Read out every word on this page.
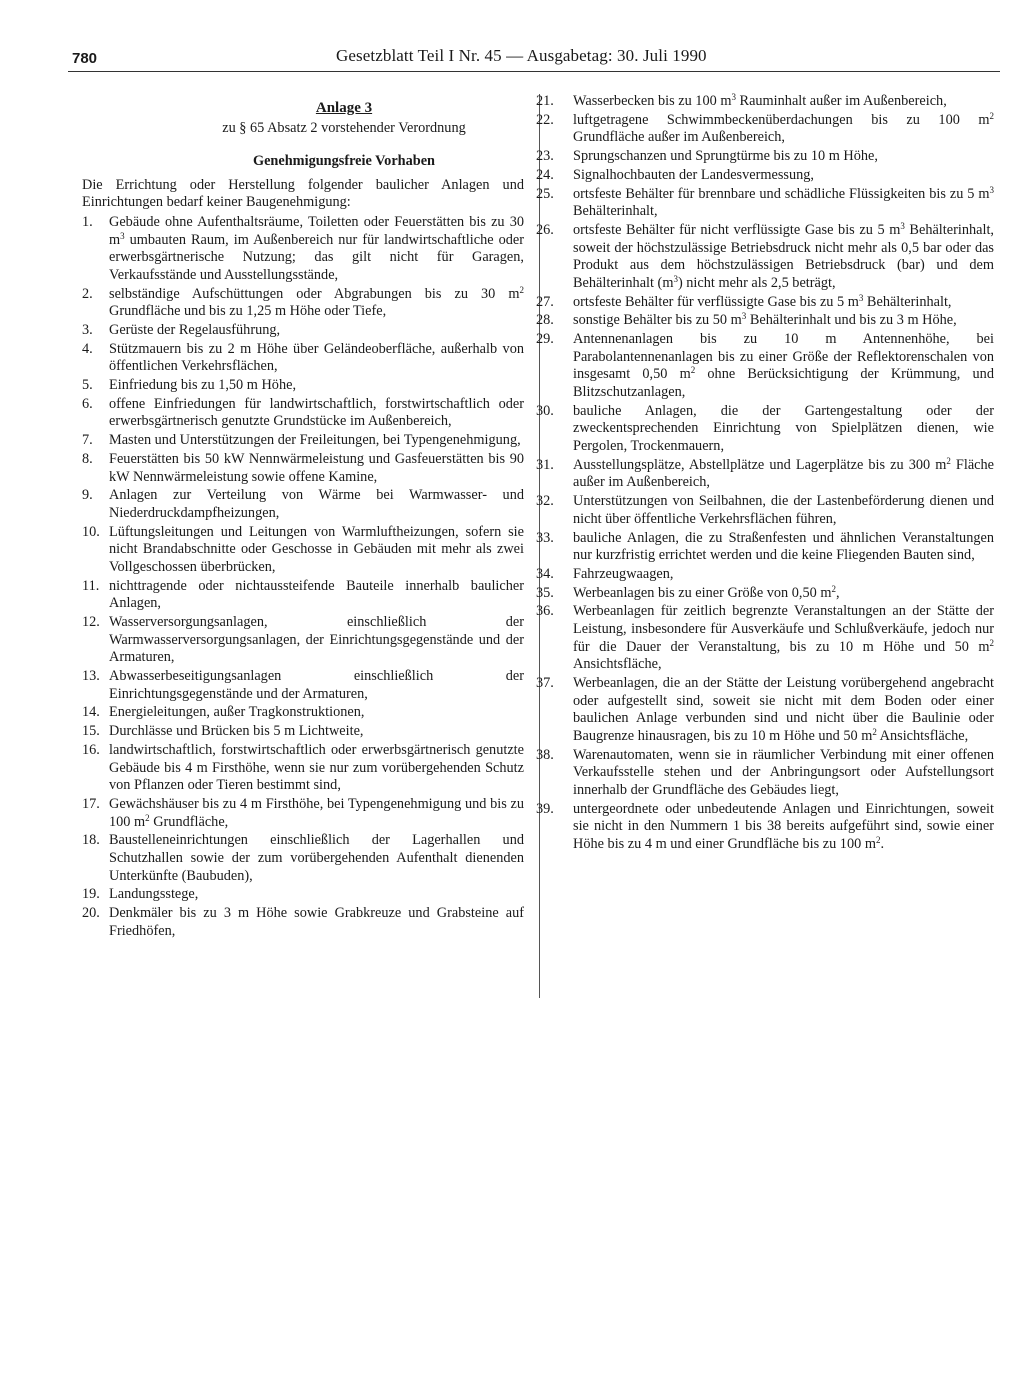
780	Gesetzblatt Teil I Nr. 45 — Ausgabetag: 30. Juli 1990

Anlage 3

zu § 65 Absatz 2 vorstehender Verordnung

Genehmigungsfreie Vorhaben

Die Errichtung oder Herstellung folgender baulicher Anlagen und Einrichtungen bedarf keiner Baugenehmigung:

1.	Gebäude ohne Aufenthaltsräume, Toiletten oder Feuerstätten bis zu 30 $m^3$ umbauten Raum, im Außenbereich nur für landwirtschaftliche oder erwerbsgärtnerische Nutzung; das gilt nicht für Garagen, Verkaufsstände und Ausstellungsstände,
2.	selbständige Aufschüttungen oder Abgrabungen bis zu 30 $m^2$ Grundfläche und bis zu 1,25 m Höhe oder Tiefe,
3.	Gerüste der Regelausführung,
4.	Stützmauern bis zu 2 m Höhe über Geländeoberfläche, außerhalb von öffentlichen Verkehrsflächen,
5.	Einfriedung bis zu 1,50 m Höhe,
6.	offene Einfriedungen für landwirtschaftlich, forstwirtschaftlich oder erwerbsgärtnerisch genutzte Grundstücke im Außenbereich,
7.	Masten und Unterstützungen der Freileitungen, bei Typengenehmigung,
8.	Feuerstätten bis 50 kW Nennwärmeleistung und Gasfeuerstätten bis 90 kW Nennwärmeleistung sowie offene Kamine,
9.	Anlagen zur Verteilung von Wärme bei Warmwasser- und Niederdruckdampfheizungen,
10. Lüftungsleitungen und Leitungen von Warmluftheizungen, sofern sie nicht Brandabschnitte oder Geschosse in Gebäuden mit mehr als zwei Vollgeschossen überbrücken,
11. nichttragende oder nichtaussteifende Bauteile innerhalb baulicher Anlagen,
12. Wasserversorgungsanlagen, einschließlich der Warmwasserversorgungsanlagen, der Einrichtungsgegenstände und der Armaturen,
13. Abwasserbeseitigungsanlagen einschließlich der Einrichtungsgegenstände und der Armaturen,
14. Energieleitungen, außer Tragkonstruktionen,
15. Durchlässe und Brücken bis 5 m Lichtweite,
16. landwirtschaftlich, forstwirtschaftlich oder erwerbsgärtnerisch genutzte Gebäude bis 4 m Firsthöhe, wenn sie nur zum vorübergehenden Schutz von Pflanzen oder Tieren bestimmt sind,
17. Gewächshäuser bis zu 4 m Firsthöhe, bei Typengenehmigung und bis zu 100 $m^2$ Grundfläche,
18. Baustelleneinrichtungen einschließlich der Lagerhallen und Schutzhallen sowie der zum vorübergehenden Aufenthalt dienenden Unterkünfte (Baubuden),
19. Landungsstege,
20. Denkmäler bis zu 3 m Höhe sowie Grabkreuze und Grabsteine auf Friedhöfen,
21.	Wasserbecken bis zu 100 $m^3$ Rauminhalt außer im Außenbereich,
22.	luftgetragene Schwimmbeckenüberdachungen bis zu 100 $m^2$ Grundfläche außer im Außenbereich,
23.	Sprungschanzen und Sprungtürme bis zu 10 m Höhe,
24.	Signalhochbauten der Landesvermessung,
25.	ortsfeste Behälter für brennbare und schädliche Flüssigkeiten bis zu 5 $m^3$ Behälterinhalt,
26.	ortsfeste Behälter für nicht verflüssigte Gase bis zu 5 $m^3$ Behälterinhalt, soweit der höchstzulässige Betriebsdruck nicht mehr als 0,5 bar oder das Produkt aus dem höchstzulässigen Betriebsdruck (bar) und dem Behälterinhalt $(m^3)$ nicht mehr als 2,5 beträgt,
27.	ortsfeste Behälter für verflüssigte Gase bis zu 5 $m^3$ Behälterinhalt,
28.	sonstige Behälter bis zu 50 $m^3$ Behälterinhalt und bis zu 3 m Höhe,
29.	Antennenanlagen bis zu 10 m Antennenhöhe, bei Parabolantennenanlagen bis zu einer Größe der Reflektorenschalen von insgesamt 0,50 $m^2$ ohne Berücksichtigung der Krümmung, und Blitzschutzanlagen,
30.	bauliche Anlagen, die der Gartengestaltung oder der zweckentsprechenden Einrichtung von Spielplätzen dienen, wie Pergolen, Trockenmauern,
31.	Ausstellungsplätze, Abstellplätze und Lagerplätze bis zu 300 $m^2$ Fläche außer im Außenbereich,
32.	Unterstützungen von Seilbahnen, die der Lastenbeförderung dienen und nicht über öffentliche Verkehrsflächen führen,
33.	bauliche Anlagen, die zu Straßenfesten und ähnlichen Veranstaltungen nur kurzfristig errichtet werden und die keine Fliegenden Bauten sind,
34.	Fahrzeugwaagen,
35.	Werbeanlagen bis zu einer Größe von 0,50 $m^2$,
36.	Werbeanlagen für zeitlich begrenzte Veranstaltungen an der Stätte der Leistung, insbesondere für Ausverkäufe und Schlußverkäufe, jedoch nur für die Dauer der Veranstaltung, bis zu 10 m Höhe und 50 $m^2$ Ansichtsfläche,
37.	Werbeanlagen, die an der Stätte der Leistung vorübergehend angebracht oder aufgestellt sind, soweit sie nicht mit dem Boden oder einer baulichen Anlage verbunden sind und nicht über die Baulinie oder Baugrenze hinausragen, bis zu 10 m Höhe und 50 $m^2$ Ansichtsfläche,
38.	Warenautomaten, wenn sie in räumlicher Verbindung mit einer offenen Verkaufsstelle stehen und der Anbringungsort oder Aufstellungsort innerhalb der Grundfläche des Gebäudes liegt,
39.	untergeordnete oder unbedeutende Anlagen und Einrichtungen, soweit sie nicht in den Nummern 1 bis 38 bereits aufgeführt sind, sowie einer Höhe bis zu 4 m und einer Grundfläche bis zu 100 $m^2$.
